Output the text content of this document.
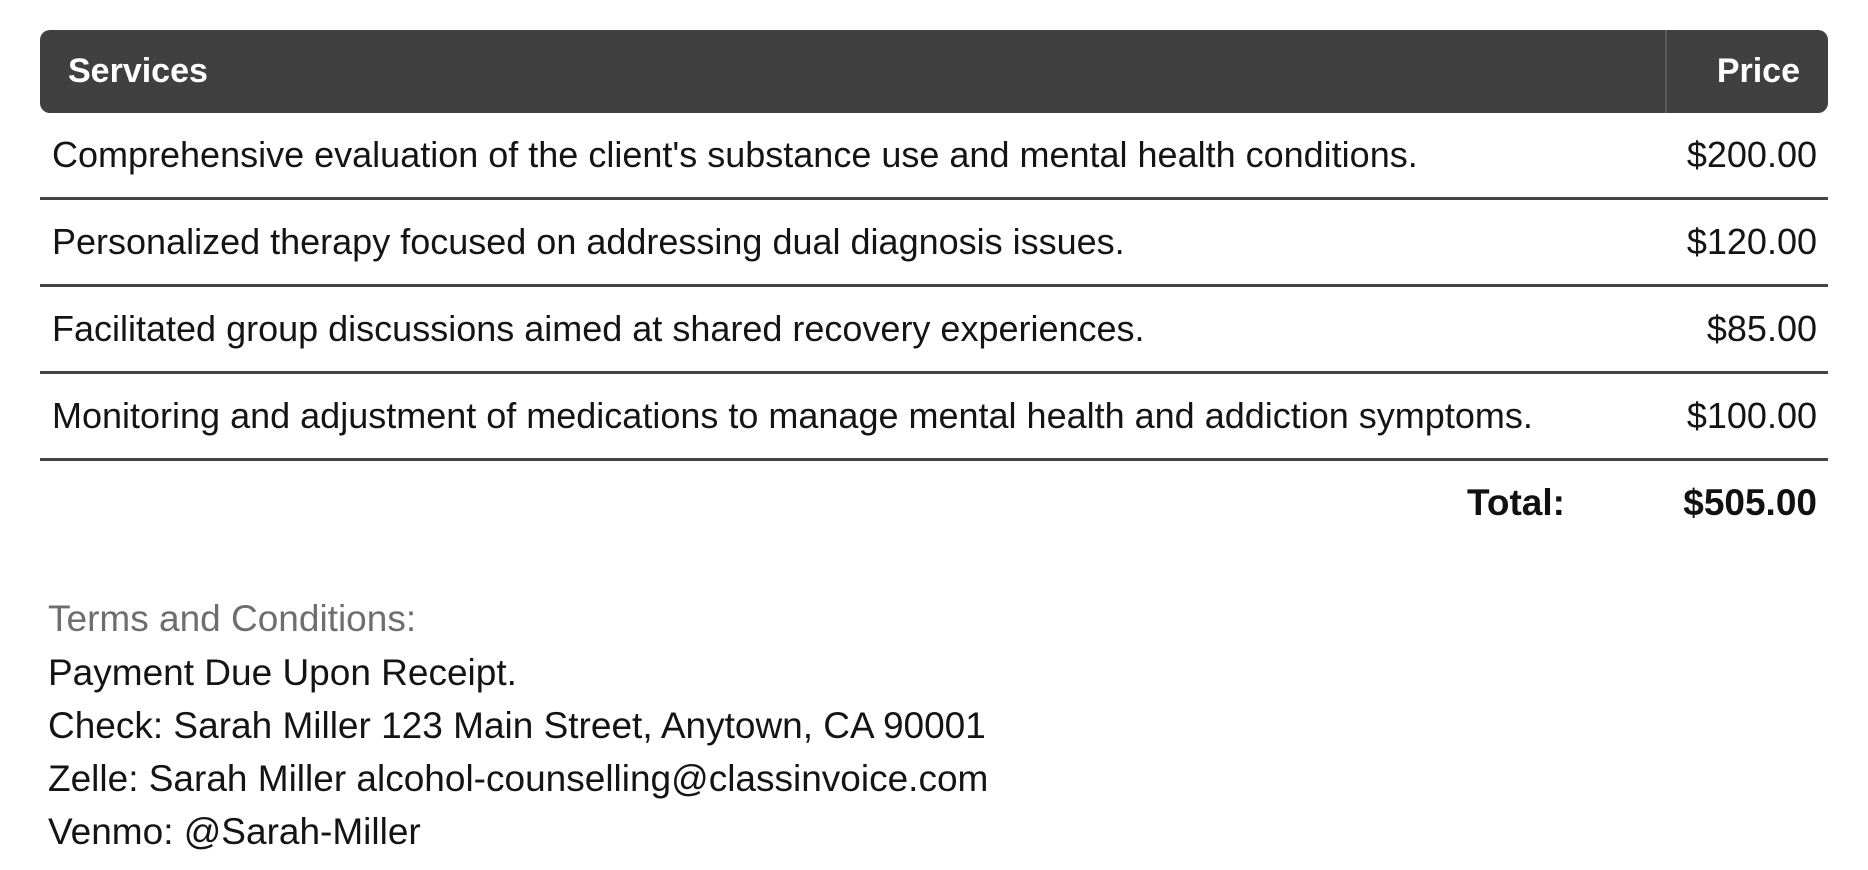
Services	Price
Comprehensive evaluation of the client's substance use and mental health conditions.	$200.00
Personalized therapy focused on addressing dual diagnosis issues.	$120.00
Facilitated group discussions aimed at shared recovery experiences.	$85.00
Monitoring and adjustment of medications to manage mental health and addiction symptoms.	$100.00
Total:	$505.00
Terms and Conditions:
Payment Due Upon Receipt.
Check: Sarah Miller 123 Main Street, Anytown, CA 90001
Zelle: Sarah Miller alcohol-counselling@classinvoice.com
Venmo: @Sarah-Miller
